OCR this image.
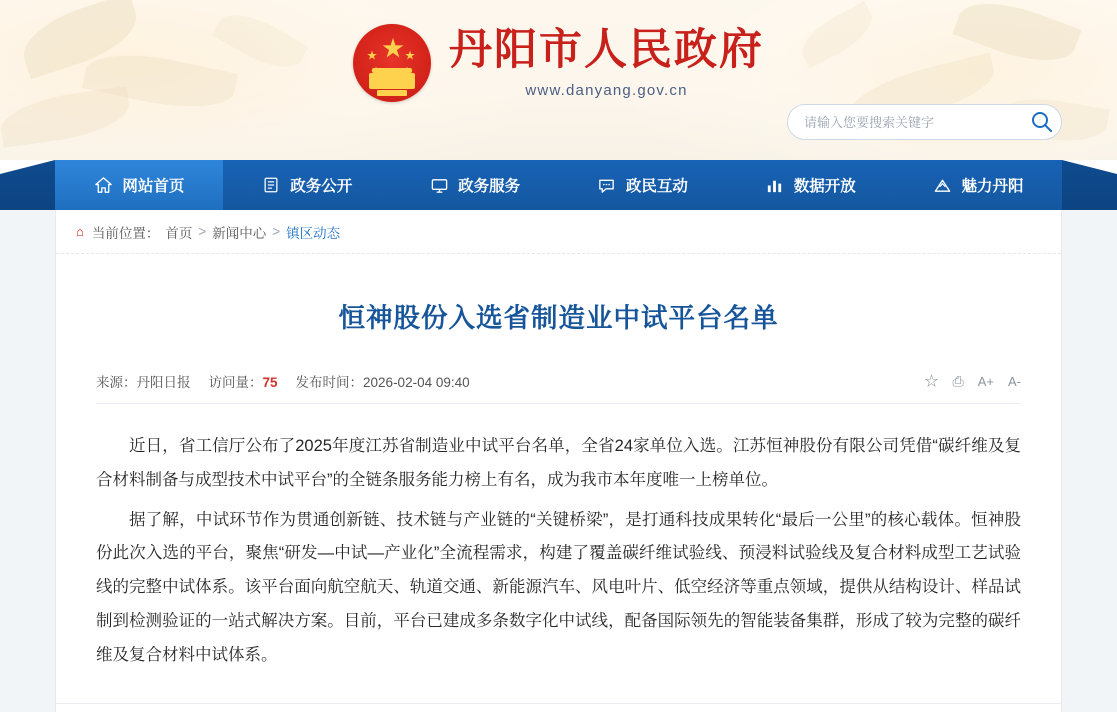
★
★	★ 丹阳市人民政府
www.danyang.gov.cn
请输入您要搜索关键字
网站首页	政务公开	政务服务	政民互动	数据开放	魅力丹阳
⌂ 当前位置： 首页 > 新闻中心 > 镇区动态
恒神股份入选省制造业中试平台名单
来源：丹阳日报 访问量：75 发布时间：2026-02-04 09:40	☆ ⎙ A+ A-

近日，省工信厅公布了2025年度江苏省制造业中试平台名单，全省24家单位入选。江苏恒神股份有限公司凭借“碳纤维及复合材料制备与成型技术中试平台”的全链条服务能力榜上有名，成为我市本年度唯一上榜单位。

据了解，中试环节作为贯通创新链、技术链与产业链的“关键桥梁”，是打通科技成果转化“最后一公里”的核心载体。恒神股份此次入选的平台，聚焦“研发—中试—产业化”全流程需求，构建了覆盖碳纤维试验线、预浸料试验线及复合材料成型工艺试验线的完整中试体系。该平台面向航空航天、轨道交通、新能源汽车、风电叶片、低空经济等重点领域，提供从结构设计、样品试制到检测验证的一站式解决方案。目前，平台已建成多条数字化中试线，配备国际领先的智能装备集群，形成了较为完整的碳纤维及复合材料中试体系。
